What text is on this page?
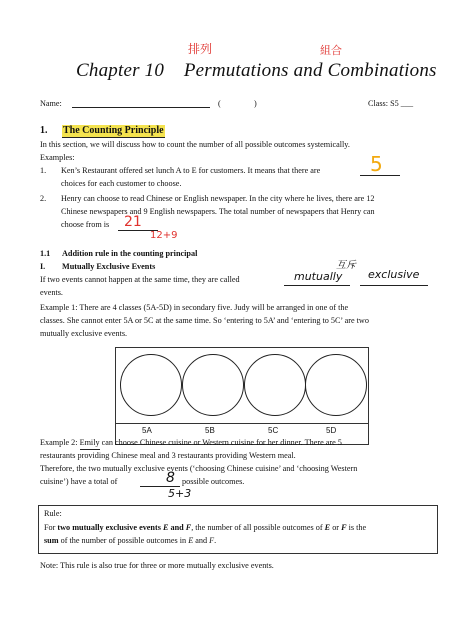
排列	組合
Chapter 10 Permutations and Combinations
Name:	(	)	Class: S5 ___
1. The Counting Principle
In this section, we will discuss how to count the number of all possible outcomes systemically.
Examples:
1. Ken’s Restaurant offered set lunch A to E for customers. It means that there are 5
choices for each customer to choose.
2. Henry can choose to read Chinese or English newspaper. In the city where he lives, there are 12
Chinese newspapers and 9 English newspapers. The total number of newspapers that Henry can
choose from is 21
12+9
1.1 Addition rule in the counting principal
I. Mutually Exclusive Events	互斥
If two events cannot happen at the same time, they are called	mutually exclusive
events.
Example 1: There are 4 classes (5A-5D) in secondary five. Judy will be arranged in one of the
classes. She cannot enter 5A or 5C at the same time. So ‘entering to 5A’ and ‘entering to 5C’ are two
mutually exclusive events.
5A	5B	5C	5D
Example 2: Emily can choose Chinese cuisine or Western cuisine for her dinner. There are 5
restaurants providing Chinese meal and 3 restaurants providing Western meal.
Therefore, the two mutually exclusive events (‘choosing Chinese cuisine’ and ‘choosing Western
cuisine’) have a total of	8 possible outcomes.
5+3
Rule:
For two mutually exclusive events E and F, the number of all possible outcomes of E or F is the
sum of the number of possible outcomes in E and F.
Note: This rule is also true for three or more mutually exclusive events.
